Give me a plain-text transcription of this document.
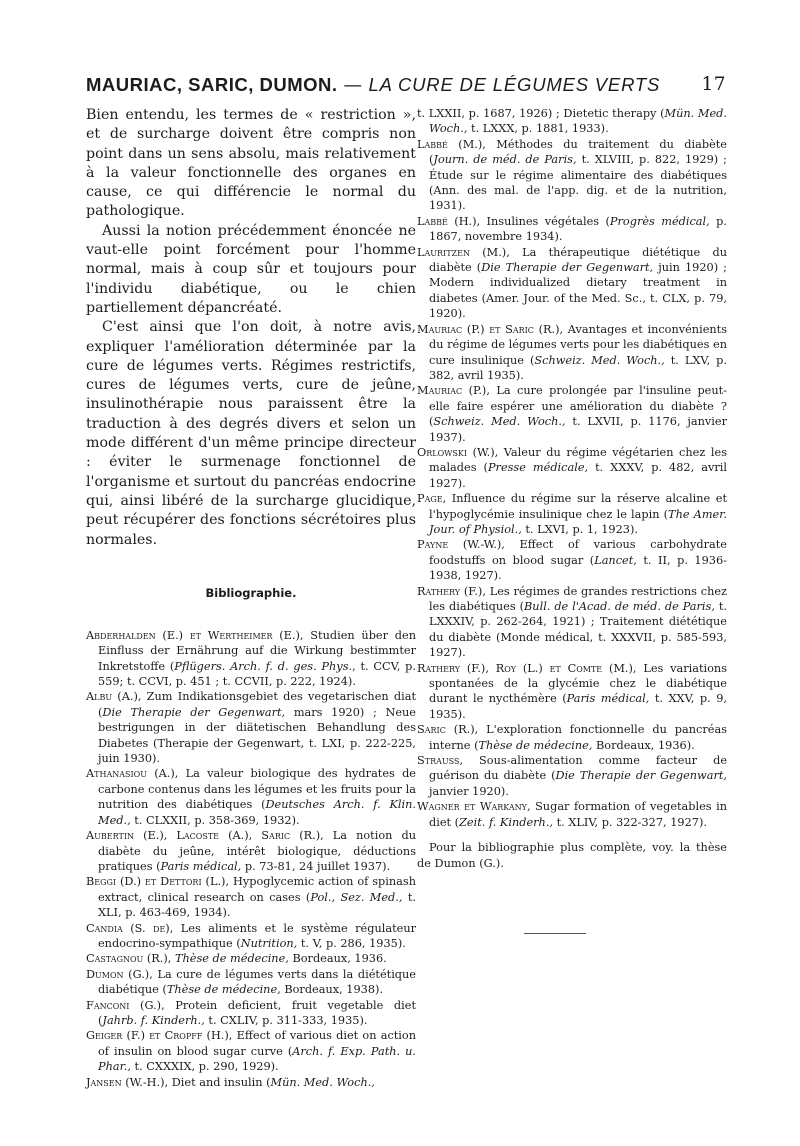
MAURIAC, SARIC, DUMON. — LA CURE DE LÉGUMES VERTS 17

Bien entendu, les termes de « restriction », et de surcharge doivent être compris non point dans un sens absolu, mais relativement à la valeur fonctionnelle des organes en cause, ce qui différencie le normal du pathologique.

Aussi la notion précédemment énoncée ne vaut-elle point forcément pour l'homme normal, mais à coup sûr et toujours pour l'individu diabétique, ou le chien partiellement dépancréaté.

C'est ainsi que l'on doit, à notre avis, expliquer l'amélioration déterminée par la cure de légumes verts. Régimes restrictifs, cures de légumes verts, cure de jeûne, insulinothérapie nous paraissent être la traduction à des degrés divers et selon un mode différent d'un même principe directeur : éviter le surmenage fonctionnel de l'organisme et surtout du pancréas endocrine qui, ainsi libéré de la surcharge glucidique, peut récupérer des fonctions sécrétoires plus normales.

Bibliographie.

Abderhalden (E.) et Wertheimer (E.), Studien über den Einfluss der Ernährung auf die Wirkung bestimmter Inkretstoffe (Pflügers. Arch. f. d. ges. Phys., t. CCV, p. 559; t. CCVI, p. 451 ; t. CCVII, p. 222, 1924).

Albu (A.), Zum Indikationsgebiet des vegetarischen diat (Die Therapie der Gegenwart, mars 1920) ; Neue bestrigungen in der diätetischen Behandlung des Diabetes (Therapie der Gegenwart, t. LXI, p. 222-225, juin 1930).

Athanasiou (A.), La valeur biologique des hydrates de carbone contenus dans les légumes et les fruits pour la nutrition des diabétiques (Deutsches Arch. f. Klin. Med., t. CLXXII, p. 358-369, 1932).

Aubertin (E.), Lacoste (A.), Saric (R.), La notion du diabète du jeûne, intérêt biologique, déductions pratiques (Paris médical, p. 73-81, 24 juillet 1937).

Beggi (D.) et Dettori (L.), Hypoglycemic action of spinash extract, clinical research on cases (Pol., Sez. Med., t. XLI, p. 463-469, 1934).

Candia (S. de), Les aliments et le système régulateur endocrino-sympathique (Nutrition, t. V, p. 286, 1935).

Castagnou (R.), Thèse de médecine, Bordeaux, 1936.

Dumon (G.), La cure de légumes verts dans la diététique diabétique (Thèse de médecine, Bordeaux, 1938).

Fanconi (G.), Protein deficient, fruit vegetable diet (Jahrb. f. Kinderh., t. CXLIV, p. 311-333, 1935).

Geiger (F.) et Cropff (H.), Effect of various diet on action of insulin on blood sugar curve (Arch. f. Exp. Path. u. Phar., t. CXXXIX, p. 290, 1929).

Jansen (W.-H.), Diet and insulin (Mün. Med. Woch.,

t. LXXII, p. 1687, 1926) ; Dietetic therapy (Mün. Med. Woch., t. LXXX, p. 1881, 1933).

Labbé (M.), Méthodes du traitement du diabète (Journ. de méd. de Paris, t. XLVIII, p. 822, 1929) ; Étude sur le régime alimentaire des diabétiques (Ann. des mal. de l'app. dig. et de la nutrition, 1931).

Labbé (H.), Insulines végétales (Progrès médical, p. 1867, novembre 1934).

Lauritzen (M.), La thérapeutique diététique du diabète (Die Therapie der Gegenwart, juin 1920) ; Modern individualized dietary treatment in diabetes (Amer. Jour. of the Med. Sc., t. CLX, p. 79, 1920).

Mauriac (P.) et Saric (R.), Avantages et inconvénients du régime de légumes verts pour les diabétiques en cure insulinique (Schweiz. Med. Woch., t. LXV, p. 382, avril 1935).

Mauriac (P.), La cure prolongée par l'insuline peut-elle faire espérer une amélioration du diabète ? (Schweiz. Med. Woch., t. LXVII, p. 1176, janvier 1937).

Orlowski (W.), Valeur du régime végétarien chez les malades (Presse médicale, t. XXXV, p. 482, avril 1927).

Page, Influence du régime sur la réserve alcaline et l'hypoglycémie insulinique chez le lapin (The Amer. Jour. of Physiol., t. LXVI, p. 1, 1923).

Payne (W.-W.), Effect of various carbohydrate foodstuffs on blood sugar (Lancet, t. II, p. 1936-1938, 1927).

Rathery (F.), Les régimes de grandes restrictions chez les diabétiques (Bull. de l'Acad. de méd. de Paris, t. LXXXIV, p. 262-264, 1921) ; Traitement diététique du diabète (Monde médical, t. XXXVII, p. 585-593, 1927).

Rathery (F.), Roy (L.) et Comte (M.), Les variations spontanées de la glycémie chez le diabétique durant le nycthémère (Paris médical, t. XXV, p. 9, 1935).

Saric (R.), L'exploration fonctionnelle du pancréas interne (Thèse de médecine, Bordeaux, 1936).

Strauss, Sous-alimentation comme facteur de guérison du diabète (Die Therapie der Gegenwart, janvier 1920).

Wagner et Warkany, Sugar formation of vegetables in diet (Zeit. f. Kinderh., t. XLIV, p. 322-327, 1927).

Pour la bibliographie plus complète, voy. la thèse de Dumon (G.).
